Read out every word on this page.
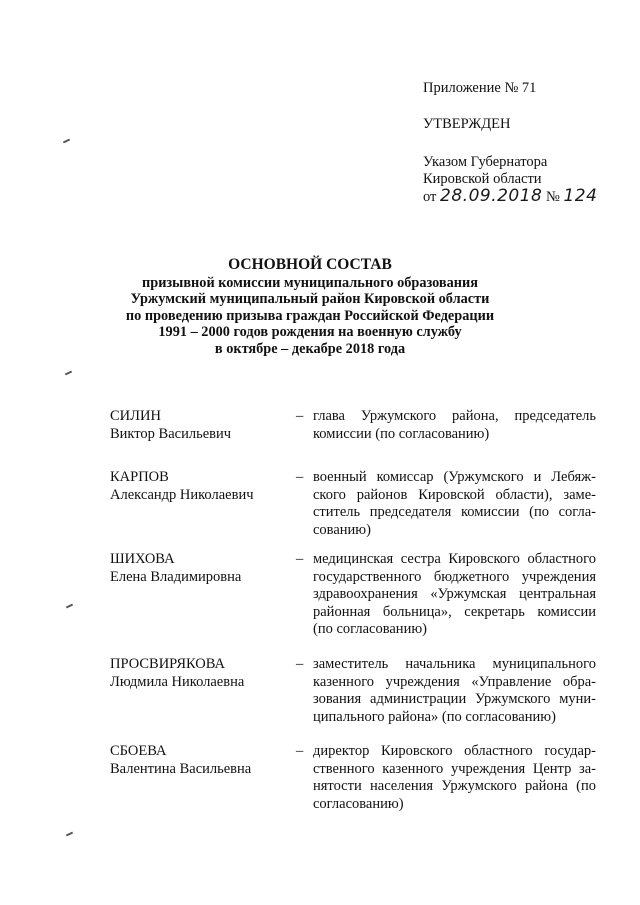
Приложение № 71
УТВЕРЖДЕН
Указом Губернатора
Кировской области
от 28.09.2018 № 124
ОСНОВНОЙ СОСТАВ
призывной комиссии муниципального образования
Уржумский муниципальный район Кировской области
по проведению призыва граждан Российской Федерации
1991 – 2000 годов рождения на военную службу
в октябре – декабре 2018 года
СИЛИН
Виктор Васильевич
– глава Уржумского района, председатель
комиссии (по согласованию)
КАРПОВ
Александр Николаевич
– военный комиссар (Уржумского и Лебяж-
ского районов Кировской области), заме-
ститель председателя комиссии (по согла-
сованию)
ШИХОВА
Елена Владимировна
– медицинская сестра Кировского областного
государственного бюджетного учреждения
здравоохранения «Уржумская центральная
районная больница», секретарь комиссии
(по согласованию)
ПРОСВИРЯКОВА
Людмила Николаевна
– заместитель начальника муниципального
казенного учреждения «Управление обра-
зования администрации Уржумского муни-
ципального района» (по согласованию)
СБОЕВА
Валентина Васильевна
– директор Кировского областного государ-
ственного казенного учреждения Центр за-
нятости населения Уржумского района (по
согласованию)
